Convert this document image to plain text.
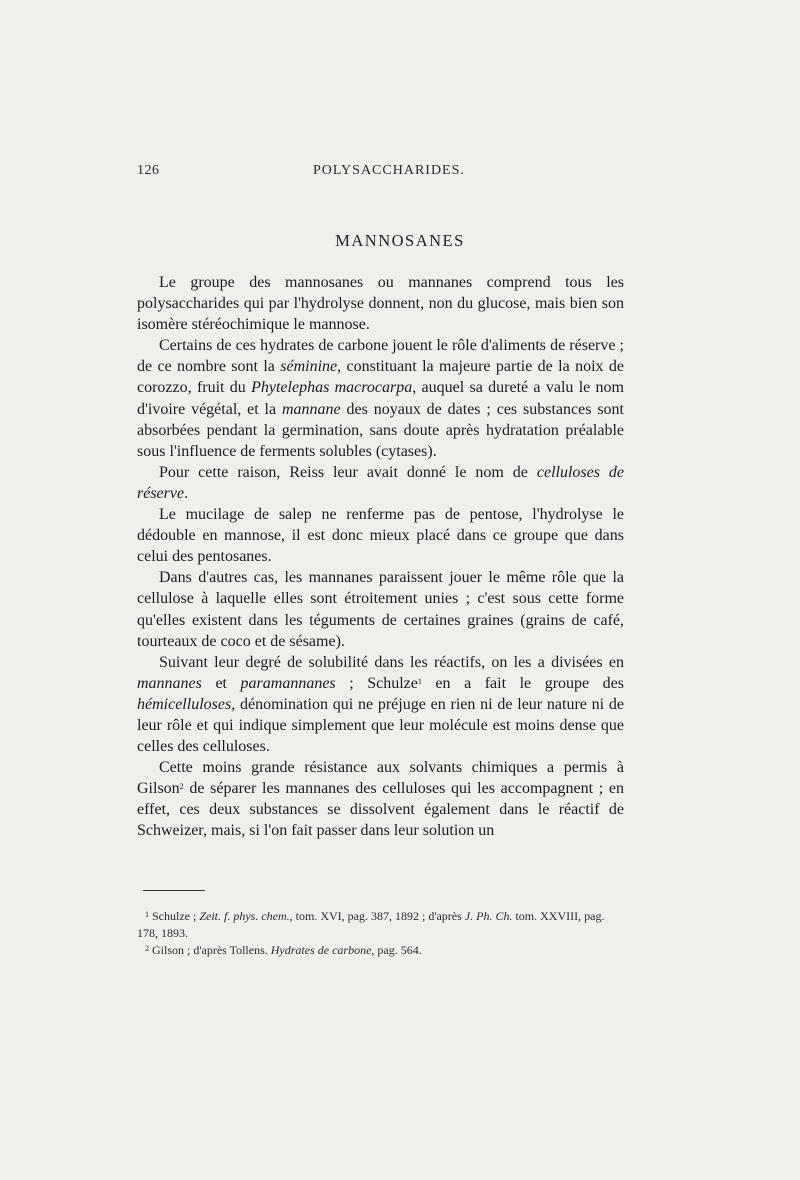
126	POLYSACCHARIDES.
MANNOSANES

Le groupe des mannosanes ou mannanes comprend tous les polysaccharides qui par l'hydrolyse donnent, non du glucose, mais bien son isomère stéréochimique le mannose.

Certains de ces hydrates de carbone jouent le rôle d'aliments de réserve ; de ce nombre sont la séminine, constituant la majeure partie de la noix de corozzo, fruit du Phytelephas macrocarpa, auquel sa dureté a valu le nom d'ivoire végétal, et la mannane des noyaux de dates ; ces substances sont absorbées pendant la germination, sans doute après hydratation préalable sous l'influence de ferments solubles (cytases).

Pour cette raison, Reiss leur avait donné le nom de celluloses de réserve.

Le mucilage de salep ne renferme pas de pentose, l'hydrolyse le dédouble en mannose, il est donc mieux placé dans ce groupe que dans celui des pentosanes.

Dans d'autres cas, les mannanes paraissent jouer le même rôle que la cellulose à laquelle elles sont étroitement unies ; c'est sous cette forme qu'elles existent dans les téguments de certaines graines (grains de café, tourteaux de coco et de sésame).

Suivant leur degré de solubilité dans les réactifs, on les a divisées en mannanes et paramannanes ; Schulze$^1$ en a fait le groupe des hémicelluloses, dénomination qui ne préjuge en rien ni de leur nature ni de leur rôle et qui indique simplement que leur molécule est moins dense que celles des celluloses.

Cette moins grande résistance aux solvants chimiques a permis à Gilson$^2$ de séparer les mannanes des celluloses qui les accompagnent ; en effet, ces deux substances se dissolvent également dans le réactif de Schweizer, mais, si l'on fait passer dans leur solution un

$^1$ Schulze ; Zeit. f. phys. chem., tom. XVI, pag. 387, 1892 ; d'après J. Ph. Ch. tom. XXVIII, pag. 178, 1893.

$^2$ Gilson ; d'après Tollens. Hydrates de carbone, pag. 564.
